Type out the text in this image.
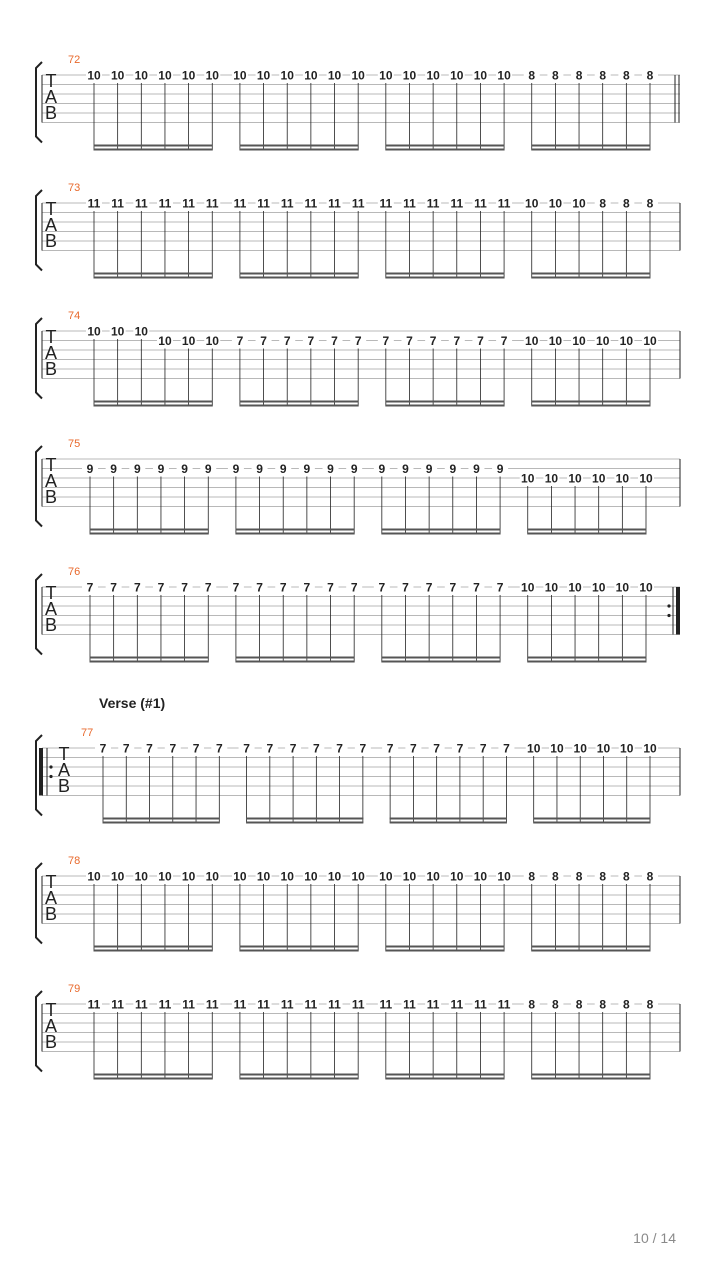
72
T
A
B
10 10 10 10 10 10 10 10 10 10 10 10 10 10 10 10 10 10 8 8 8 8 8 8
73
T
A
B
11 11 11 11 11 11 11 11 11 11 11 11 11 11 11 11 11 11 10 10 10 8 8 8
74
T
A
B
10 10 10
10 10 10 7 7 7 7 7 7 7 7 7 7 7 7 10 10 10 10 10 10
75
T
A
B
9 9 9 9 9 9 9 9 9 9 9 9 9 9 9 9 9 9
10 10 10 10 10 10
76
T
A
B
7 7 7 7 7 7 7 7 7 7 7 7 7 7 7 7 7 7 10 10 10 10 10 10
Verse (#1)
77
T
A
B
7 7 7 7 7 7 7 7 7 7 7 7 7 7 7 7 7 7 10 10 10 10 10 10
78
T
A
B
10 10 10 10 10 10 10 10 10 10 10 10 10 10 10 10 10 10 8 8 8 8 8 8
79
T
A
B
11 11 11 11 11 11 11 11 11 11 11 11 11 11 11 11 11 11 8 8 8 8 8 8
10 / 14
